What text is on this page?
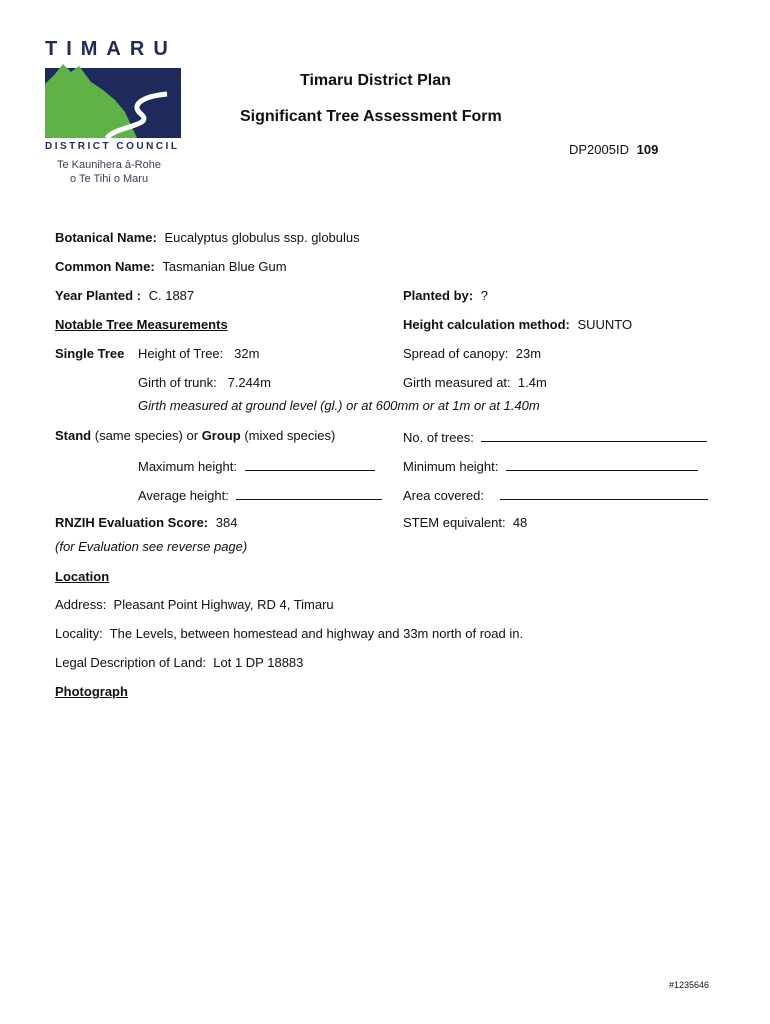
TIMARU
DISTRICT COUNCIL
Te Kaunihera ā-Rohe
o Te Tihi o Maru
Timaru District Plan
Significant Tree Assessment Form
DP2005ID 109
Botanical Name: Eucalyptus globulus ssp. globulus
Common Name: Tasmanian Blue Gum
Year Planted : C. 1887	Planted by: ?
Notable Tree Measurements	Height calculation method: SUUNTO
Single Tree Height of Tree:   32m	Spread of canopy:  23m
Girth of trunk:   7.244m	Girth measured at:  1.4m
Girth measured at ground level (gl.) or at 600mm or at 1m or at 1.40m
Stand (same species) or Group (mixed species)	No. of trees:
Maximum height:	Minimum height:
Average height:	Area covered:
RNZIH Evaluation Score: 384	STEM equivalent:  48
(for Evaluation see reverse page)
Location
Address:  Pleasant Point Highway, RD 4, Timaru
Locality:  The Levels, between homestead and highway and 33m north of road in.
Legal Description of Land:  Lot 1 DP 18883
Photograph
#1235646
